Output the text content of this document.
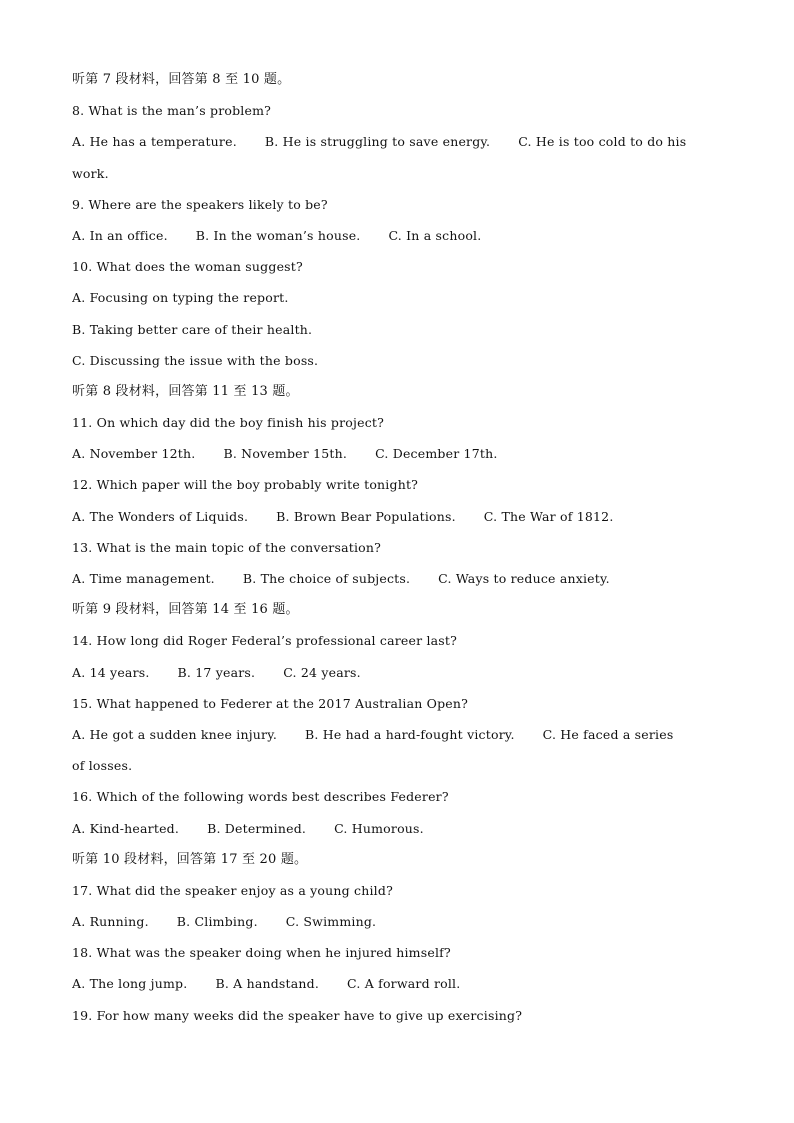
听第 7 段材料，回答第 8 至 10 题。
8. What is the man’s problem?
A. He has a temperature. B. He is struggling to save energy. C. He is too cold to do his
work.
9. Where are the speakers likely to be?
A. In an office. B. In the woman’s house. C. In a school.
10. What does the woman suggest?
A. Focusing on typing the report.
B. Taking better care of their health.
C. Discussing the issue with the boss.
听第 8 段材料，回答第 11 至 13 题。
11. On which day did the boy finish his project?
A. November 12th. B. November 15th. C. December 17th.
12. Which paper will the boy probably write tonight?
A. The Wonders of Liquids. B. Brown Bear Populations. C. The War of 1812.
13. What is the main topic of the conversation?
A. Time management. B. The choice of subjects. C. Ways to reduce anxiety.
听第 9 段材料，回答第 14 至 16 题。
14. How long did Roger Federal’s professional career last?
A. 14 years. B. 17 years. C. 24 years.
15. What happened to Federer at the 2017 Australian Open?
A. He got a sudden knee injury. B. He had a hard-fought victory. C. He faced a series
of losses.
16. Which of the following words best describes Federer?
A. Kind-hearted. B. Determined. C. Humorous.
听第 10 段材料，回答第 17 至 20 题。
17. What did the speaker enjoy as a young child?
A. Running. B. Climbing. C. Swimming.
18. What was the speaker doing when he injured himself?
A. The long jump. B. A handstand. C. A forward roll.
19. For how many weeks did the speaker have to give up exercising?
